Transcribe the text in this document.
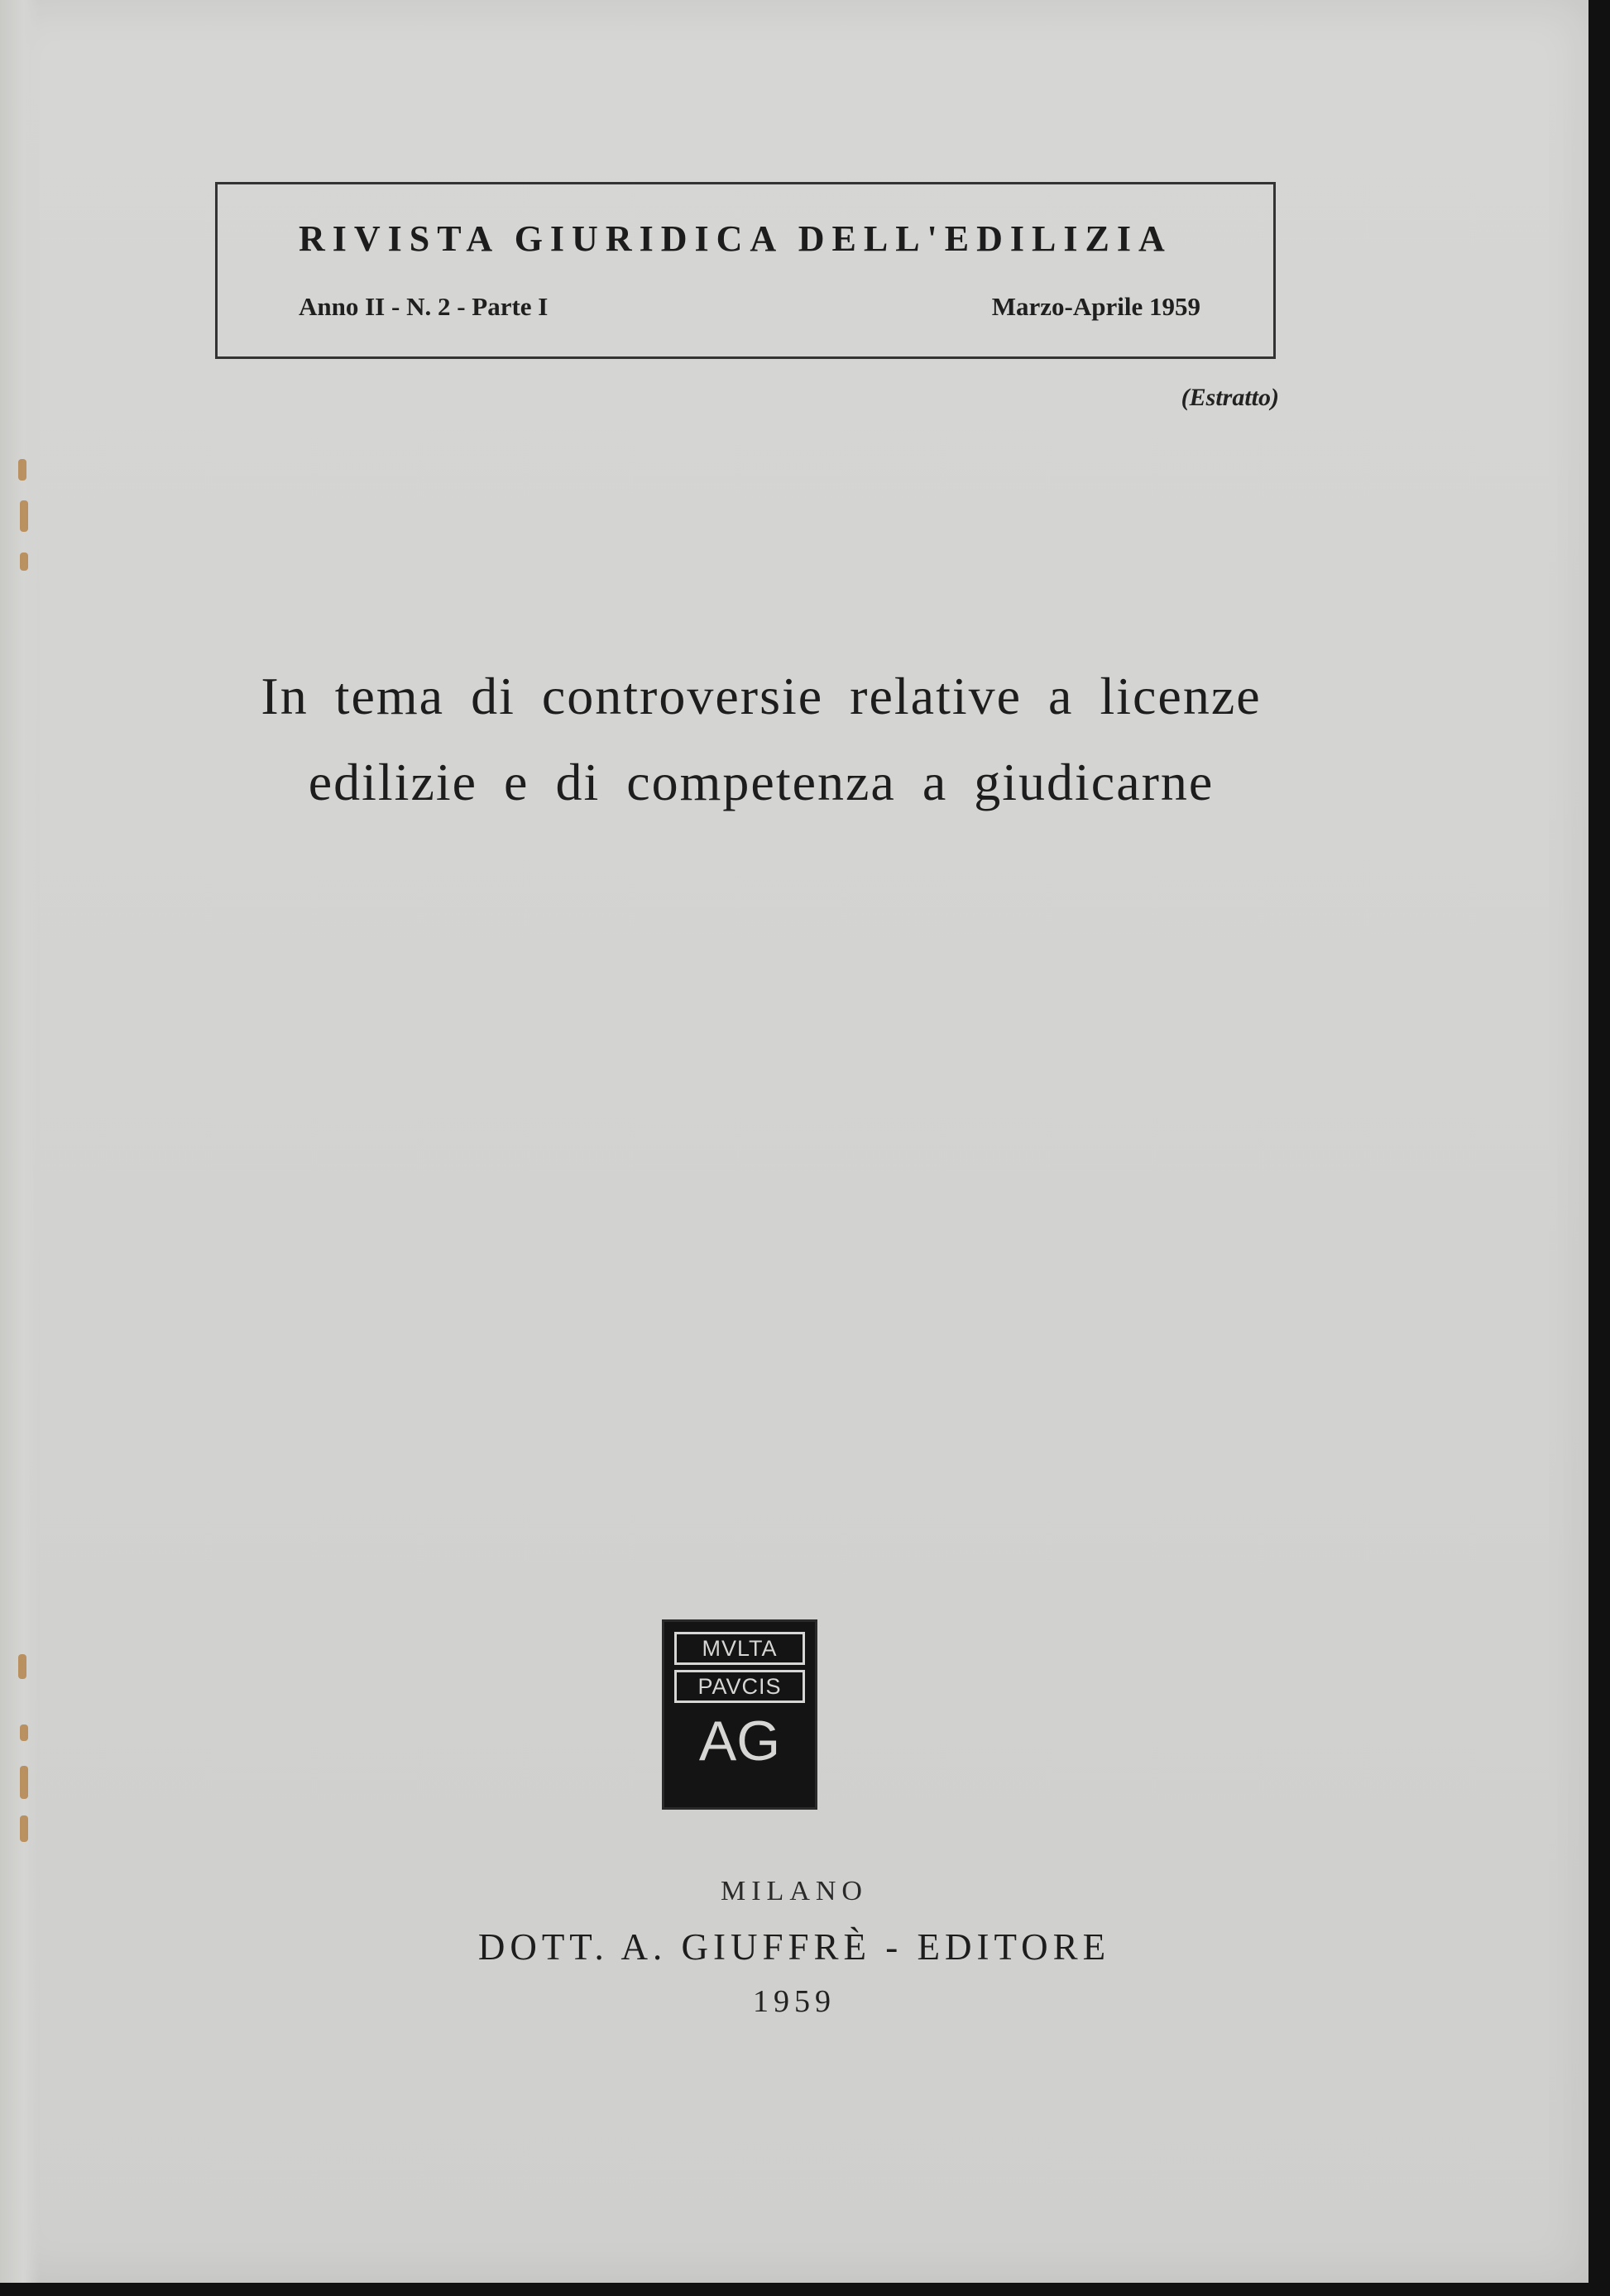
RIVISTA GIURIDICA DELL'EDILIZIA
Anno II - N. 2 - Parte I	Marzo-Aprile 1959
(Estratto)
In tema di controversie relative a licenze
edilizie e di competenza a giudicarne
MVLTA
PAVCIS
AG
MILANO
DOTT. A. GIUFFRÈ - EDITORE
1959
